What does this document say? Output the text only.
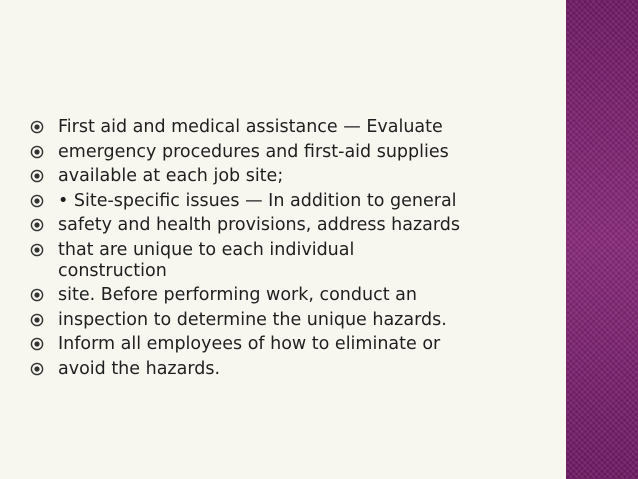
First aid and medical assistance — Evaluate
emergency procedures and first-aid supplies
available at each job site;
• Site-specific issues — In addition to general
safety and health provisions, address hazards
that are unique to each individual construction
site. Before performing work, conduct an
inspection to determine the unique hazards.
Inform all employees of how to eliminate or
avoid the hazards.
